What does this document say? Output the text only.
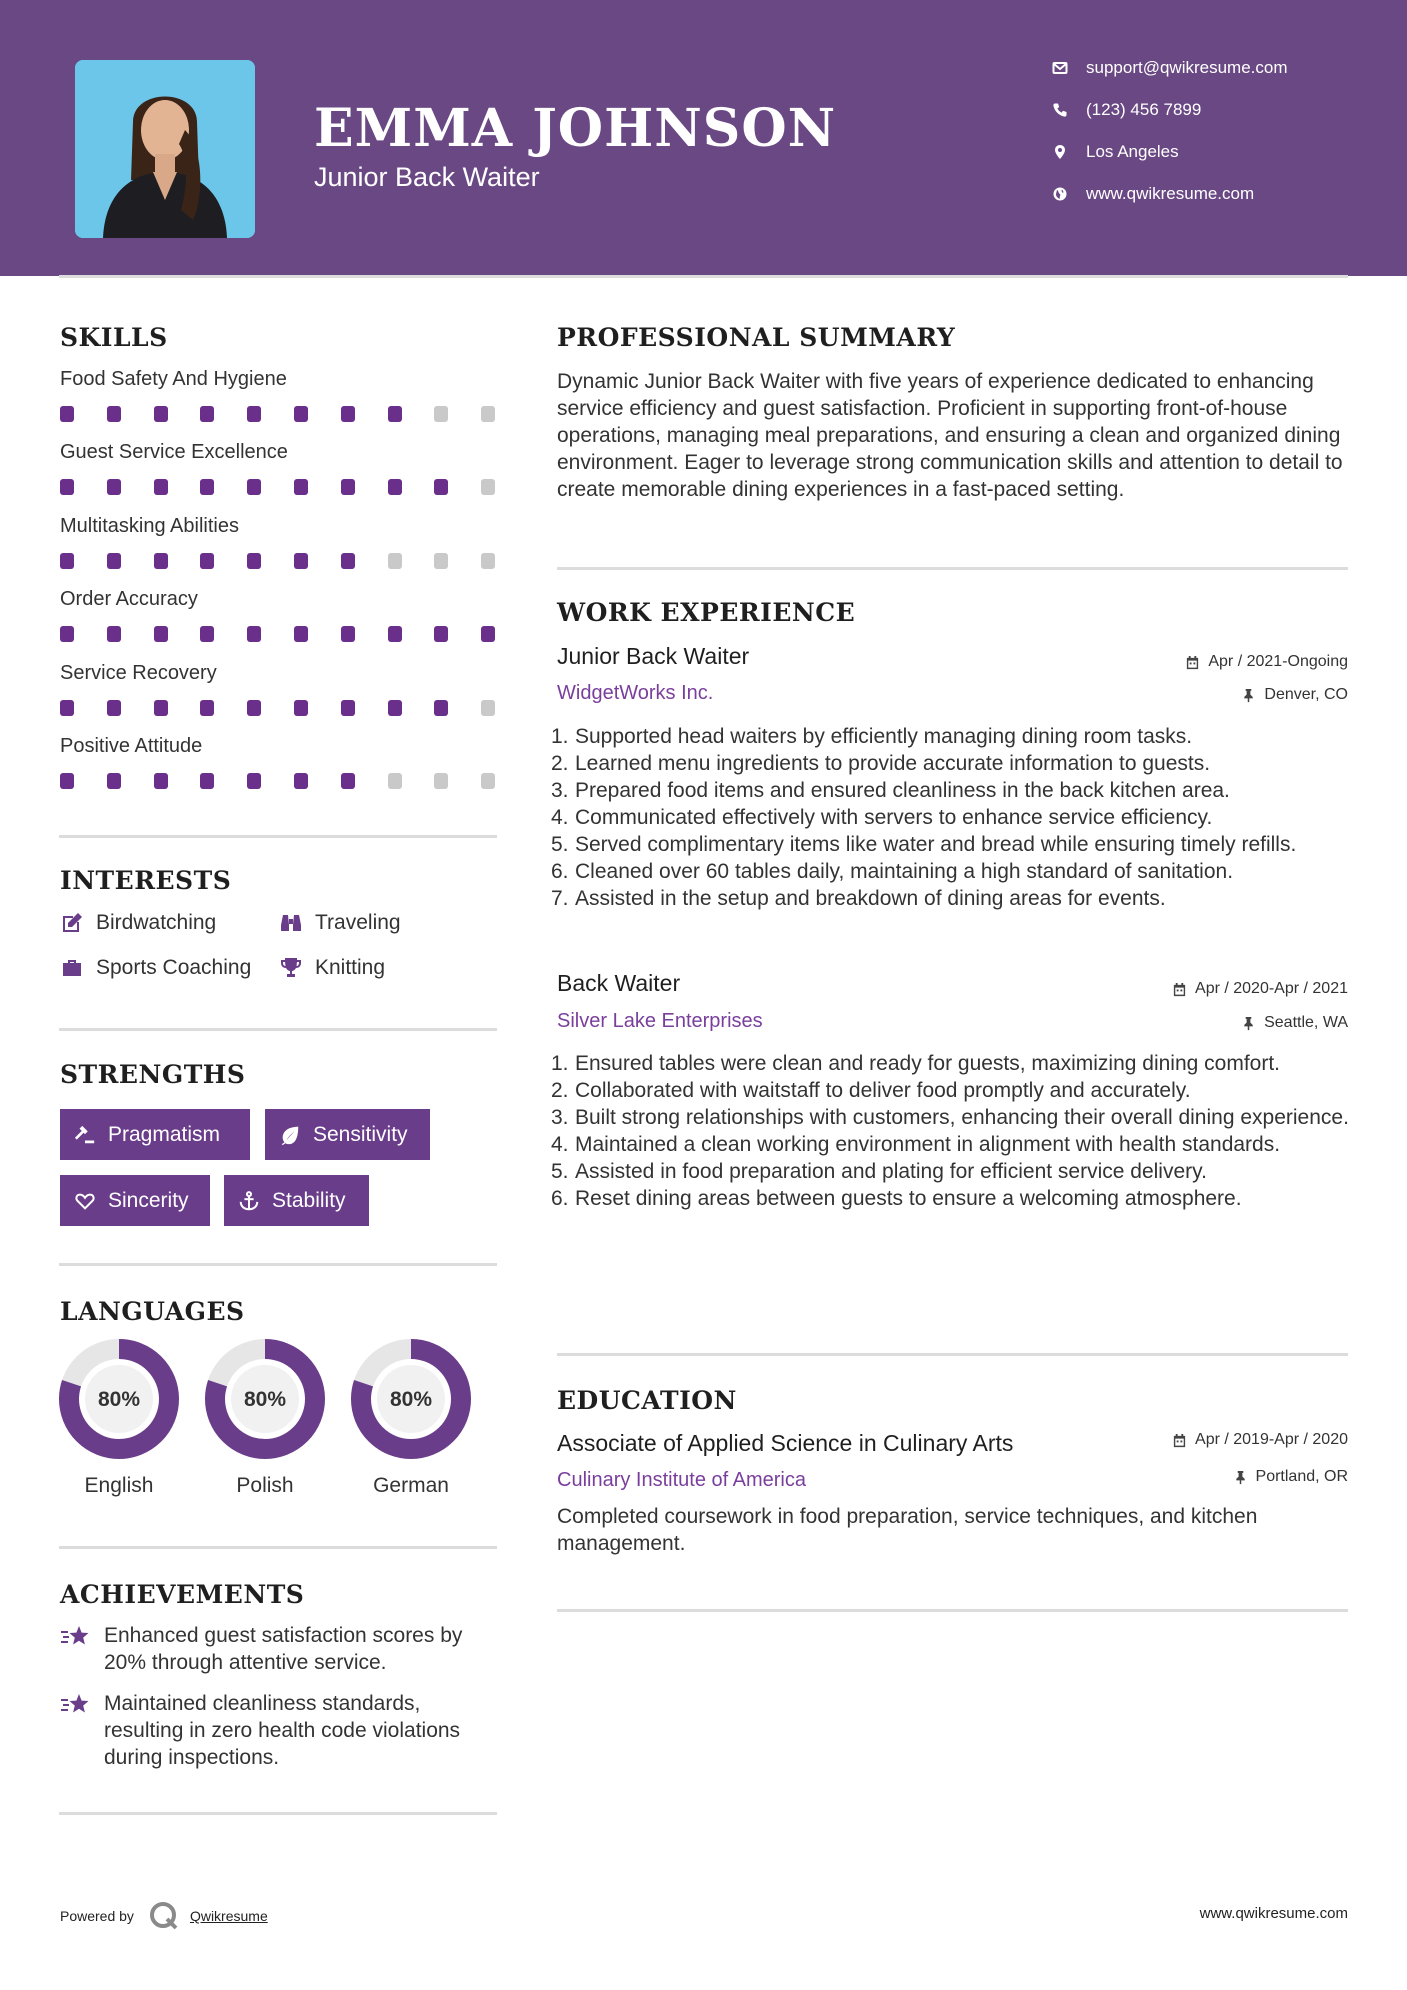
EMMA JOHNSON
Junior Back Waiter
support@qwikresume.com
(123) 456 7899
Los Angeles
www.qwikresume.com
SKILLS
Food Safety And Hygiene
Guest Service Excellence
Multitasking Abilities
Order Accuracy
Service Recovery
Positive Attitude
INTERESTS
Birdwatching	Traveling
Sports Coaching	Knitting
STRENGTHS
Pragmatism	Sensitivity
Sincerity	Stability
LANGUAGES
80%
English
80%
Polish
80%
German
ACHIEVEMENTS
Enhanced guest satisfaction scores by 20% through attentive service.
Maintained cleanliness standards, resulting in zero health code violations during inspections.
PROFESSIONAL SUMMARY
Dynamic Junior Back Waiter with five years of experience dedicated to enhancing service efficiency and guest satisfaction. Proficient in supporting front-of-house operations, managing meal preparations, and ensuring a clean and organized dining environment. Eager to leverage strong communication skills and attention to detail to create memorable dining experiences in a fast-paced setting.
WORK EXPERIENCE
Junior Back Waiter	Apr / 2021-Ongoing
WidgetWorks Inc.	Denver, CO
1. Supported head waiters by efficiently managing dining room tasks.
2. Learned menu ingredients to provide accurate information to guests.
3. Prepared food items and ensured cleanliness in the back kitchen area.
4. Communicated effectively with servers to enhance service efficiency.
5. Served complimentary items like water and bread while ensuring timely refills.
6. Cleaned over 60 tables daily, maintaining a high standard of sanitation.
7. Assisted in the setup and breakdown of dining areas for events.
Back Waiter	Apr / 2020-Apr / 2021
Silver Lake Enterprises	Seattle, WA
1. Ensured tables were clean and ready for guests, maximizing dining comfort.
2. Collaborated with waitstaff to deliver food promptly and accurately.
3. Built strong relationships with customers, enhancing their overall dining experience.
4. Maintained a clean working environment in alignment with health standards.
5. Assisted in food preparation and plating for efficient service delivery.
6. Reset dining areas between guests to ensure a welcoming atmosphere.
EDUCATION
Associate of Applied Science in Culinary Arts	Apr / 2019-Apr / 2020
Culinary Institute of America	Portland, OR
Completed coursework in food preparation, service techniques, and kitchen management.
Powered by	Qwikresume	www.qwikresume.com
